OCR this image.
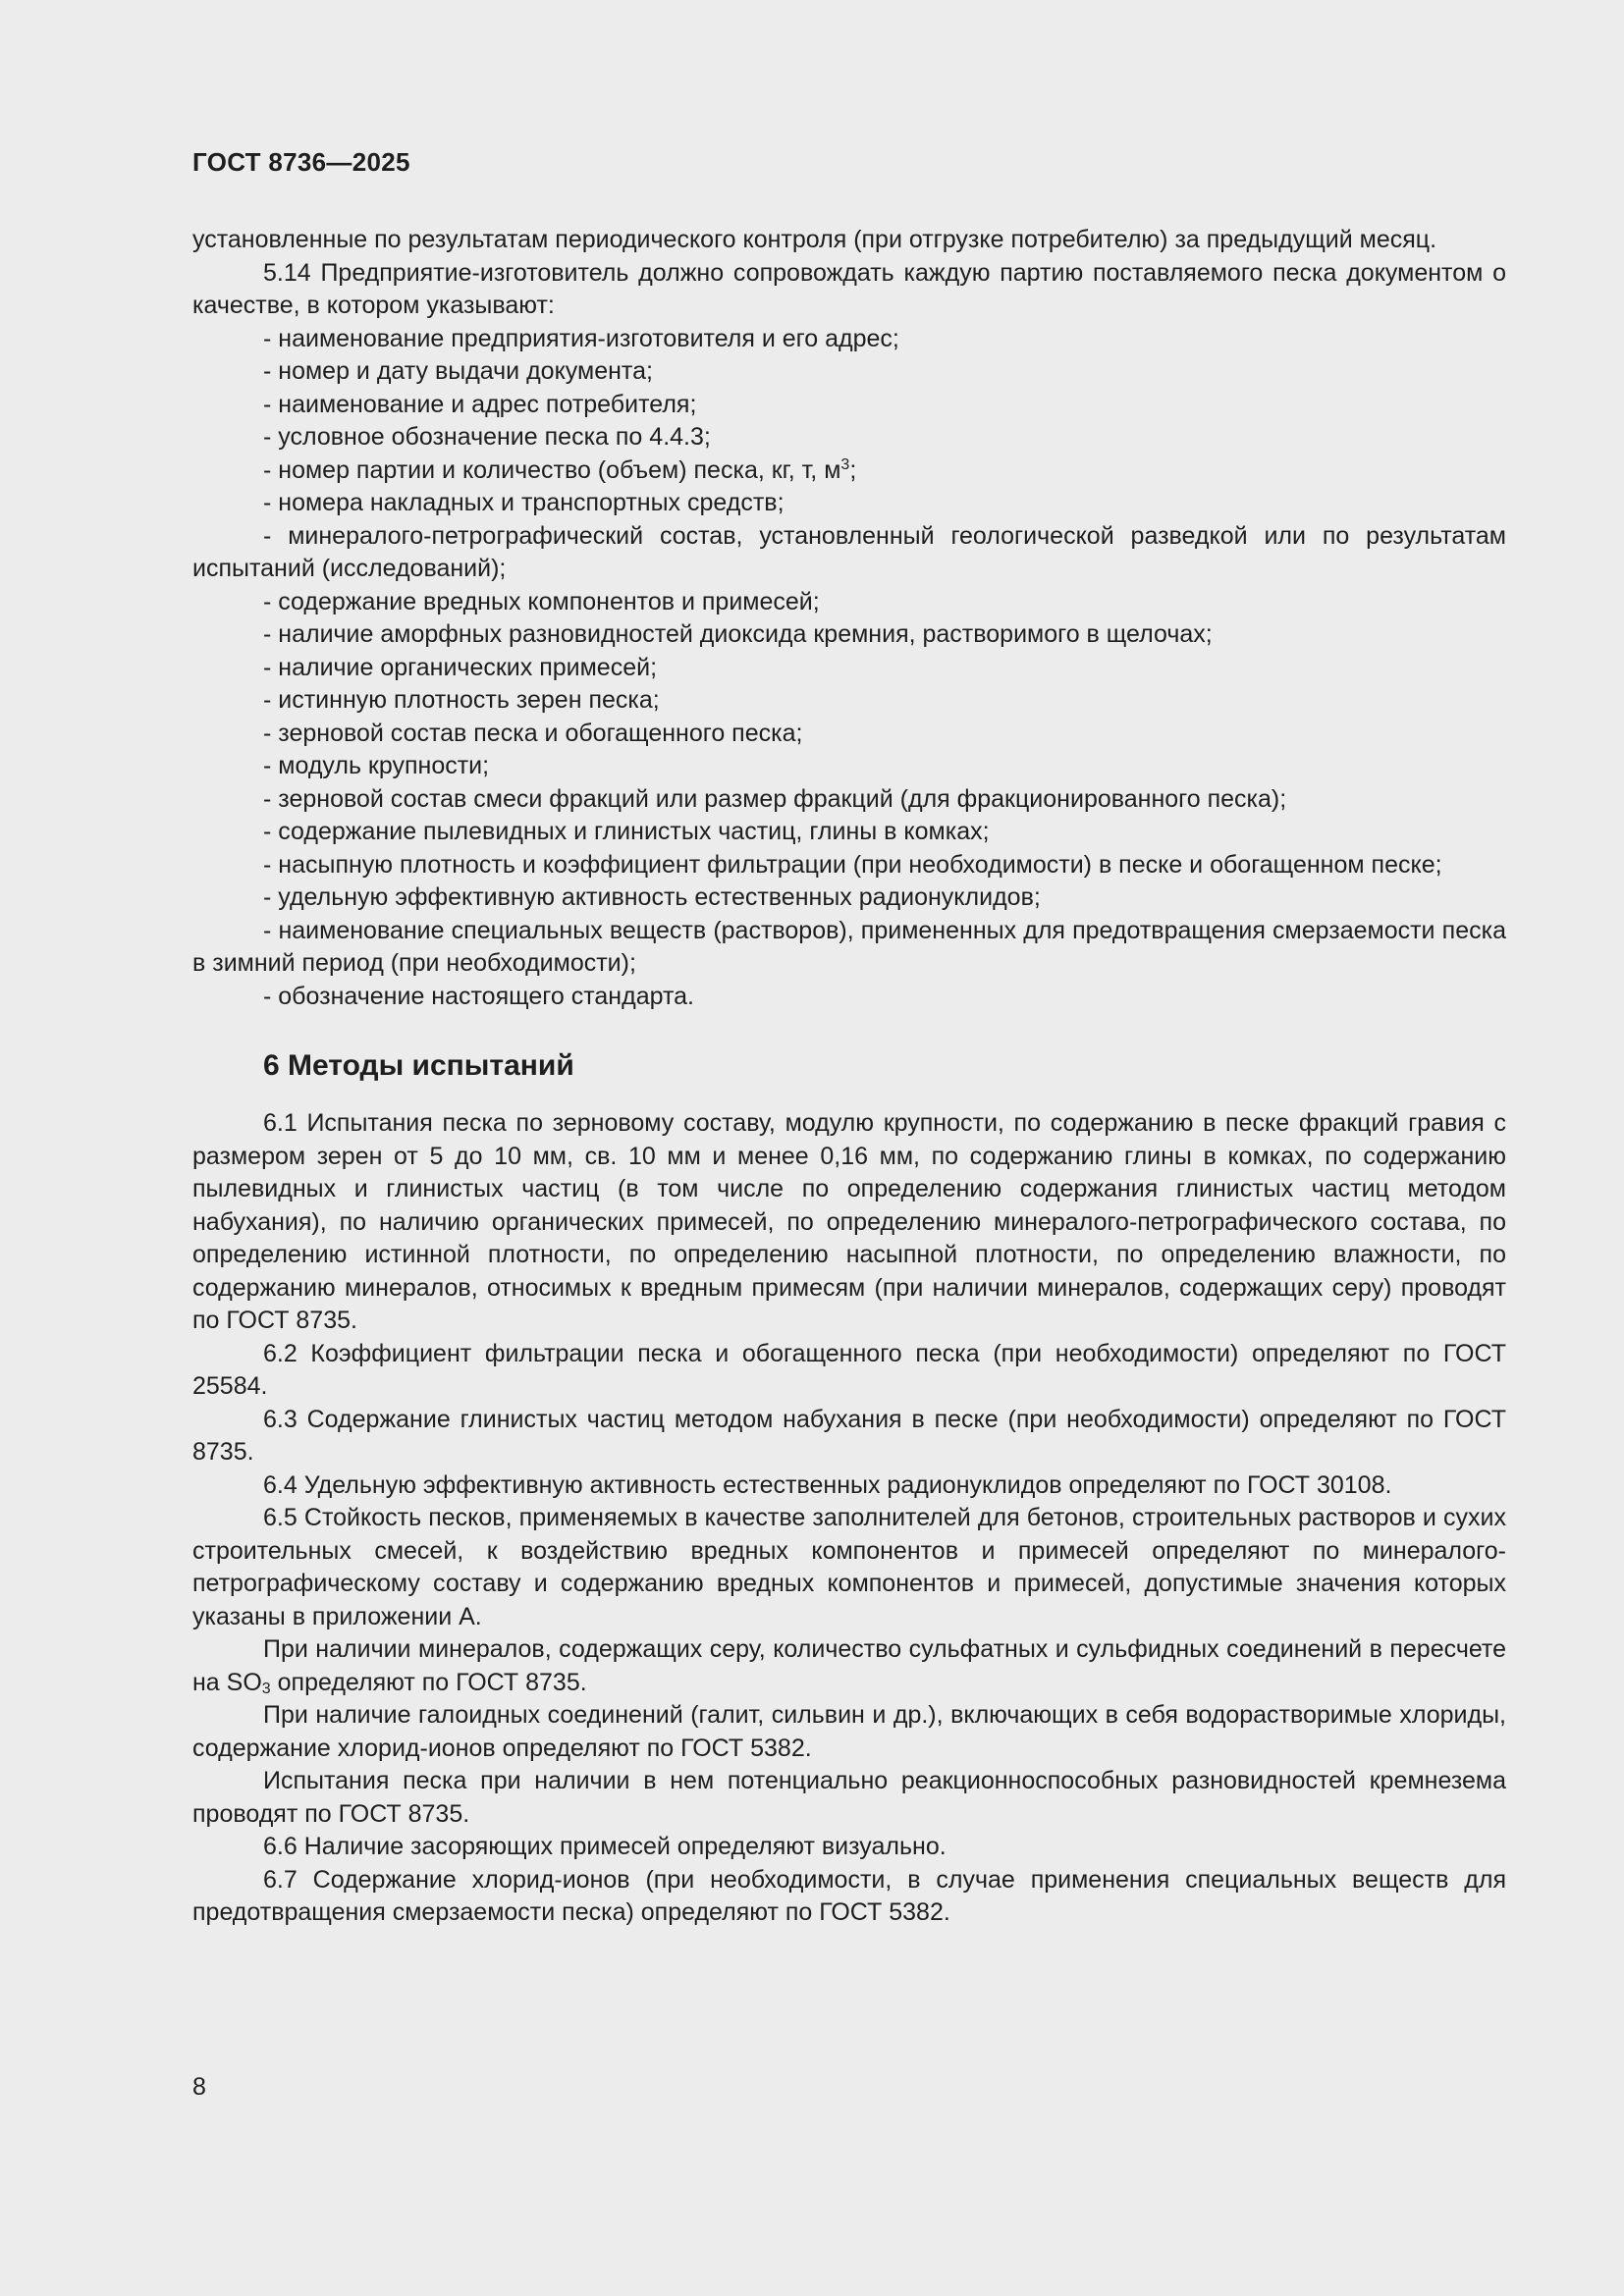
ГОСТ 8736—2025

установленные по результатам периодического контроля (при отгрузке потребителю) за предыдущий месяц.

5.14 Предприятие-изготовитель должно сопровождать каждую партию поставляемого песка документом о качестве, в котором указывают:

- наименование предприятия-изготовителя и его адрес;

- номер и дату выдачи документа;

- наименование и адрес потребителя;

- условное обозначение песка по 4.4.3;

- номер партии и количество (объем) песка, кг, т, $м^3$;

- номера накладных и транспортных средств;

- минералого-петрографический состав, установленный геологической разведкой или по результатам испытаний (исследований);

- содержание вредных компонентов и примесей;

- наличие аморфных разновидностей диоксида кремния, растворимого в щелочах;

- наличие органических примесей;

- истинную плотность зерен песка;

- зерновой состав песка и обогащенного песка;

- модуль крупности;

- зерновой состав смеси фракций или размер фракций (для фракционированного песка);

- содержание пылевидных и глинистых частиц, глины в комках;

- насыпную плотность и коэффициент фильтрации (при необходимости) в песке и обогащенном песке;

- удельную эффективную активность естественных радионуклидов;

- наименование специальных веществ (растворов), примененных для предотвращения смерзаемости песка в зимний период (при необходимости);

- обозначение настоящего стандарта.

6 Методы испытаний

6.1 Испытания песка по зерновому составу, модулю крупности, по содержанию в песке фракций гравия с размером зерен от 5 до 10 мм, св. 10 мм и менее 0,16 мм, по содержанию глины в комках, по содержанию пылевидных и глинистых частиц (в том числе по определению содержания глинистых частиц методом набухания), по наличию органических примесей, по определению минералого-петрографического состава, по определению истинной плотности, по определению насыпной плотности, по определению влажности, по содержанию минералов, относимых к вредным примесям (при наличии минералов, содержащих серу) проводят по ГОСТ 8735.

6.2 Коэффициент фильтрации песка и обогащенного песка (при необходимости) определяют по ГОСТ 25584.

6.3 Содержание глинистых частиц методом набухания в песке (при необходимости) определяют по ГОСТ 8735.

6.4 Удельную эффективную активность естественных радионуклидов определяют по ГОСТ 30108.

6.5 Стойкость песков, применяемых в качестве заполнителей для бетонов, строительных растворов и сухих строительных смесей, к воздействию вредных компонентов и примесей определяют по минералого-петрографическому составу и содержанию вредных компонентов и примесей, допустимые значения которых указаны в приложении А.

При наличии минералов, содержащих серу, количество сульфатных и сульфидных соединений в пересчете на $SO_3$ определяют по ГОСТ 8735.

При наличие галоидных соединений (галит, сильвин и др.), включающих в себя водорастворимые хлориды, содержание хлорид-ионов определяют по ГОСТ 5382.

Испытания песка при наличии в нем потенциально реакционноспособных разновидностей кремнезема проводят по ГОСТ 8735.

6.6 Наличие засоряющих примесей определяют визуально.

6.7 Содержание хлорид-ионов (при необходимости, в случае применения специальных веществ для предотвращения смерзаемости песка) определяют по ГОСТ 5382.

8
